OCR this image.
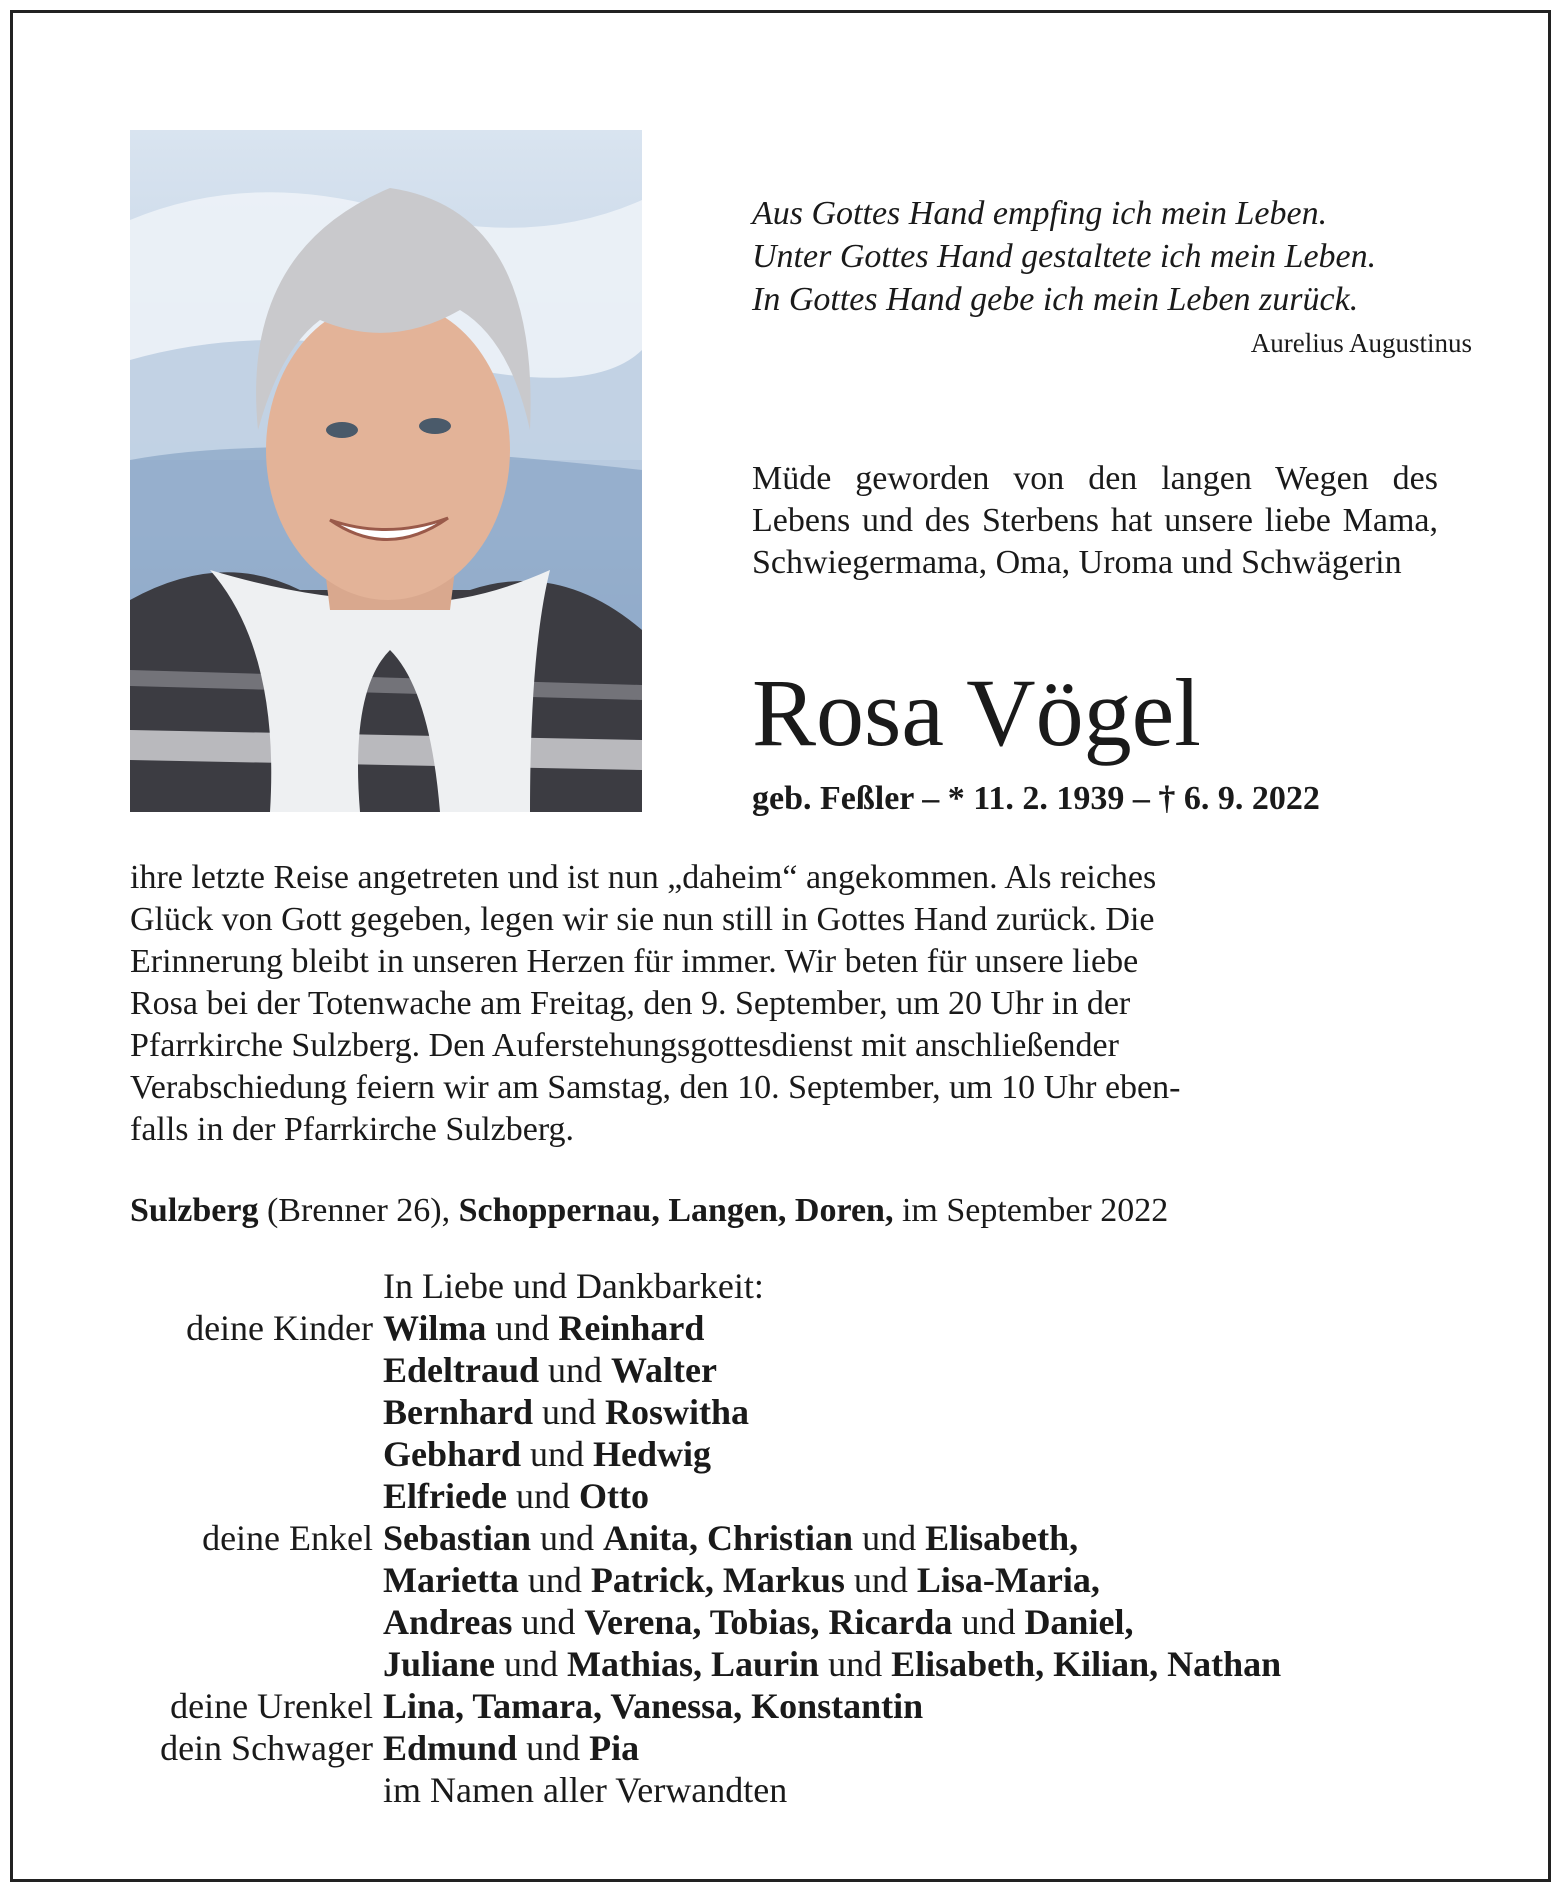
Aus Gottes Hand empfing ich mein Leben.
Unter Gottes Hand gestaltete ich mein Leben.
In Gottes Hand gebe ich mein Leben zurück.
Aurelius Augustinus
Müde geworden von den langen Wegen des Lebens und des Sterbens hat unsere liebe Mama, Schwiegermama, Oma, Uroma und Schwägerin
Rosa Vögel
geb. Feßler – * 11. 2. 1939 – † 6. 9. 2022
ihre letzte Reise angetreten und ist nun „daheim“ angekommen. Als reiches
Glück von Gott gegeben, legen wir sie nun still in Gottes Hand zurück. Die
Erinnerung bleibt in unseren Herzen für immer. Wir beten für unsere liebe
Rosa bei der Totenwache am Freitag, den 9. September, um 20 Uhr in der
Pfarrkirche Sulzberg. Den Auferstehungsgottesdienst mit anschließender
Verabschiedung feiern wir am Samstag, den 10. September, um 10 Uhr eben-
falls in der Pfarrkirche Sulzberg.
Sulzberg (Brenner 26), Schoppernau, Langen, Doren, im September 2022
In Liebe und Dankbarkeit:
deine Kinder Wilma und Reinhard
Edeltraud und Walter
Bernhard und Roswitha
Gebhard und Hedwig
Elfriede und Otto
deine Enkel Sebastian und Anita, Christian und Elisabeth,
Marietta und Patrick, Markus und Lisa-Maria,
Andreas und Verena, Tobias, Ricarda und Daniel,
Juliane und Mathias, Laurin und Elisabeth, Kilian, Nathan
deine Urenkel Lina, Tamara, Vanessa, Konstantin
dein Schwager Edmund und Pia
im Namen aller Verwandten
